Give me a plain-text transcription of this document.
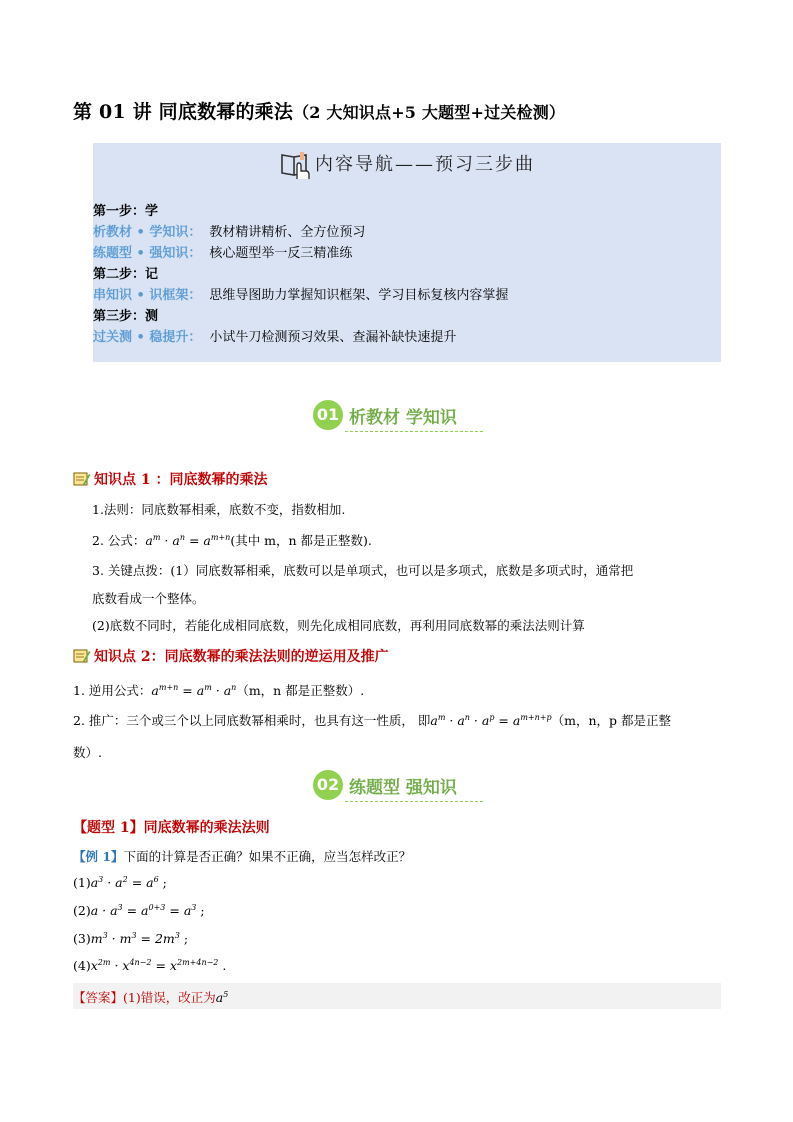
第 01 讲 同底数幂的乘法（2 大知识点+5 大题型+过关检测）
内容导航——预习三步曲
第一步：学
析教材 • 学知识： 教材精讲精析、全方位预习
练题型 • 强知识： 核心题型举一反三精准练
第二步：记
串知识 • 识框架： 思维导图助力掌握知识框架、学习目标复核内容掌握
第三步：测
过关测 • 稳提升： 小试牛刀检测预习效果、查漏补缺快速提升
01 析教材 学知识
知识点 1 ：同底数幂的乘法
1.法则：同底数幂相乘，底数不变，指数相加.
2. 公式：$a^m \cdot a^n = a^{m+n}$(其中 m，n 都是正整数).
3. 关键点拨：(1）同底数幂相乘，底数可以是单项式，也可以是多项式，底数是多项式时，通常把
底数看成一个整体。
(2)底数不同时，若能化成相同底数，则先化成相同底数，再利用同底数幂的乘法法则计算
知识点 2：同底数幂的乘法法则的逆运用及推广
1. 逆用公式：$a^{m+n} = a^m \cdot a^n(m$，n 都是正整数）.
2. 推广：三个或三个以上同底数幂相乘时，也具有这一性质， 即$a^m \cdot a^n \cdot a^p = a^{m+n+p}(m$，n，p 都是正整
数）.
02 练题型 强知识
【题型 1】同底数幂的乘法法则
【例 1】下面的计算是否正确？如果不正确，应当怎样改正？
$(1)a^3 \cdot a^2 = a^6$ ;
$(2)a \cdot a^3 = a^{0+3} = a^3$ ;
$(3)m^3 \cdot m^3 = 2m^3$ ;
$(4)x^{2m} \cdot x^{4n-2} = x^{2m+4n-2}$ .
【答案】(1)错误，改正为$a^5$
